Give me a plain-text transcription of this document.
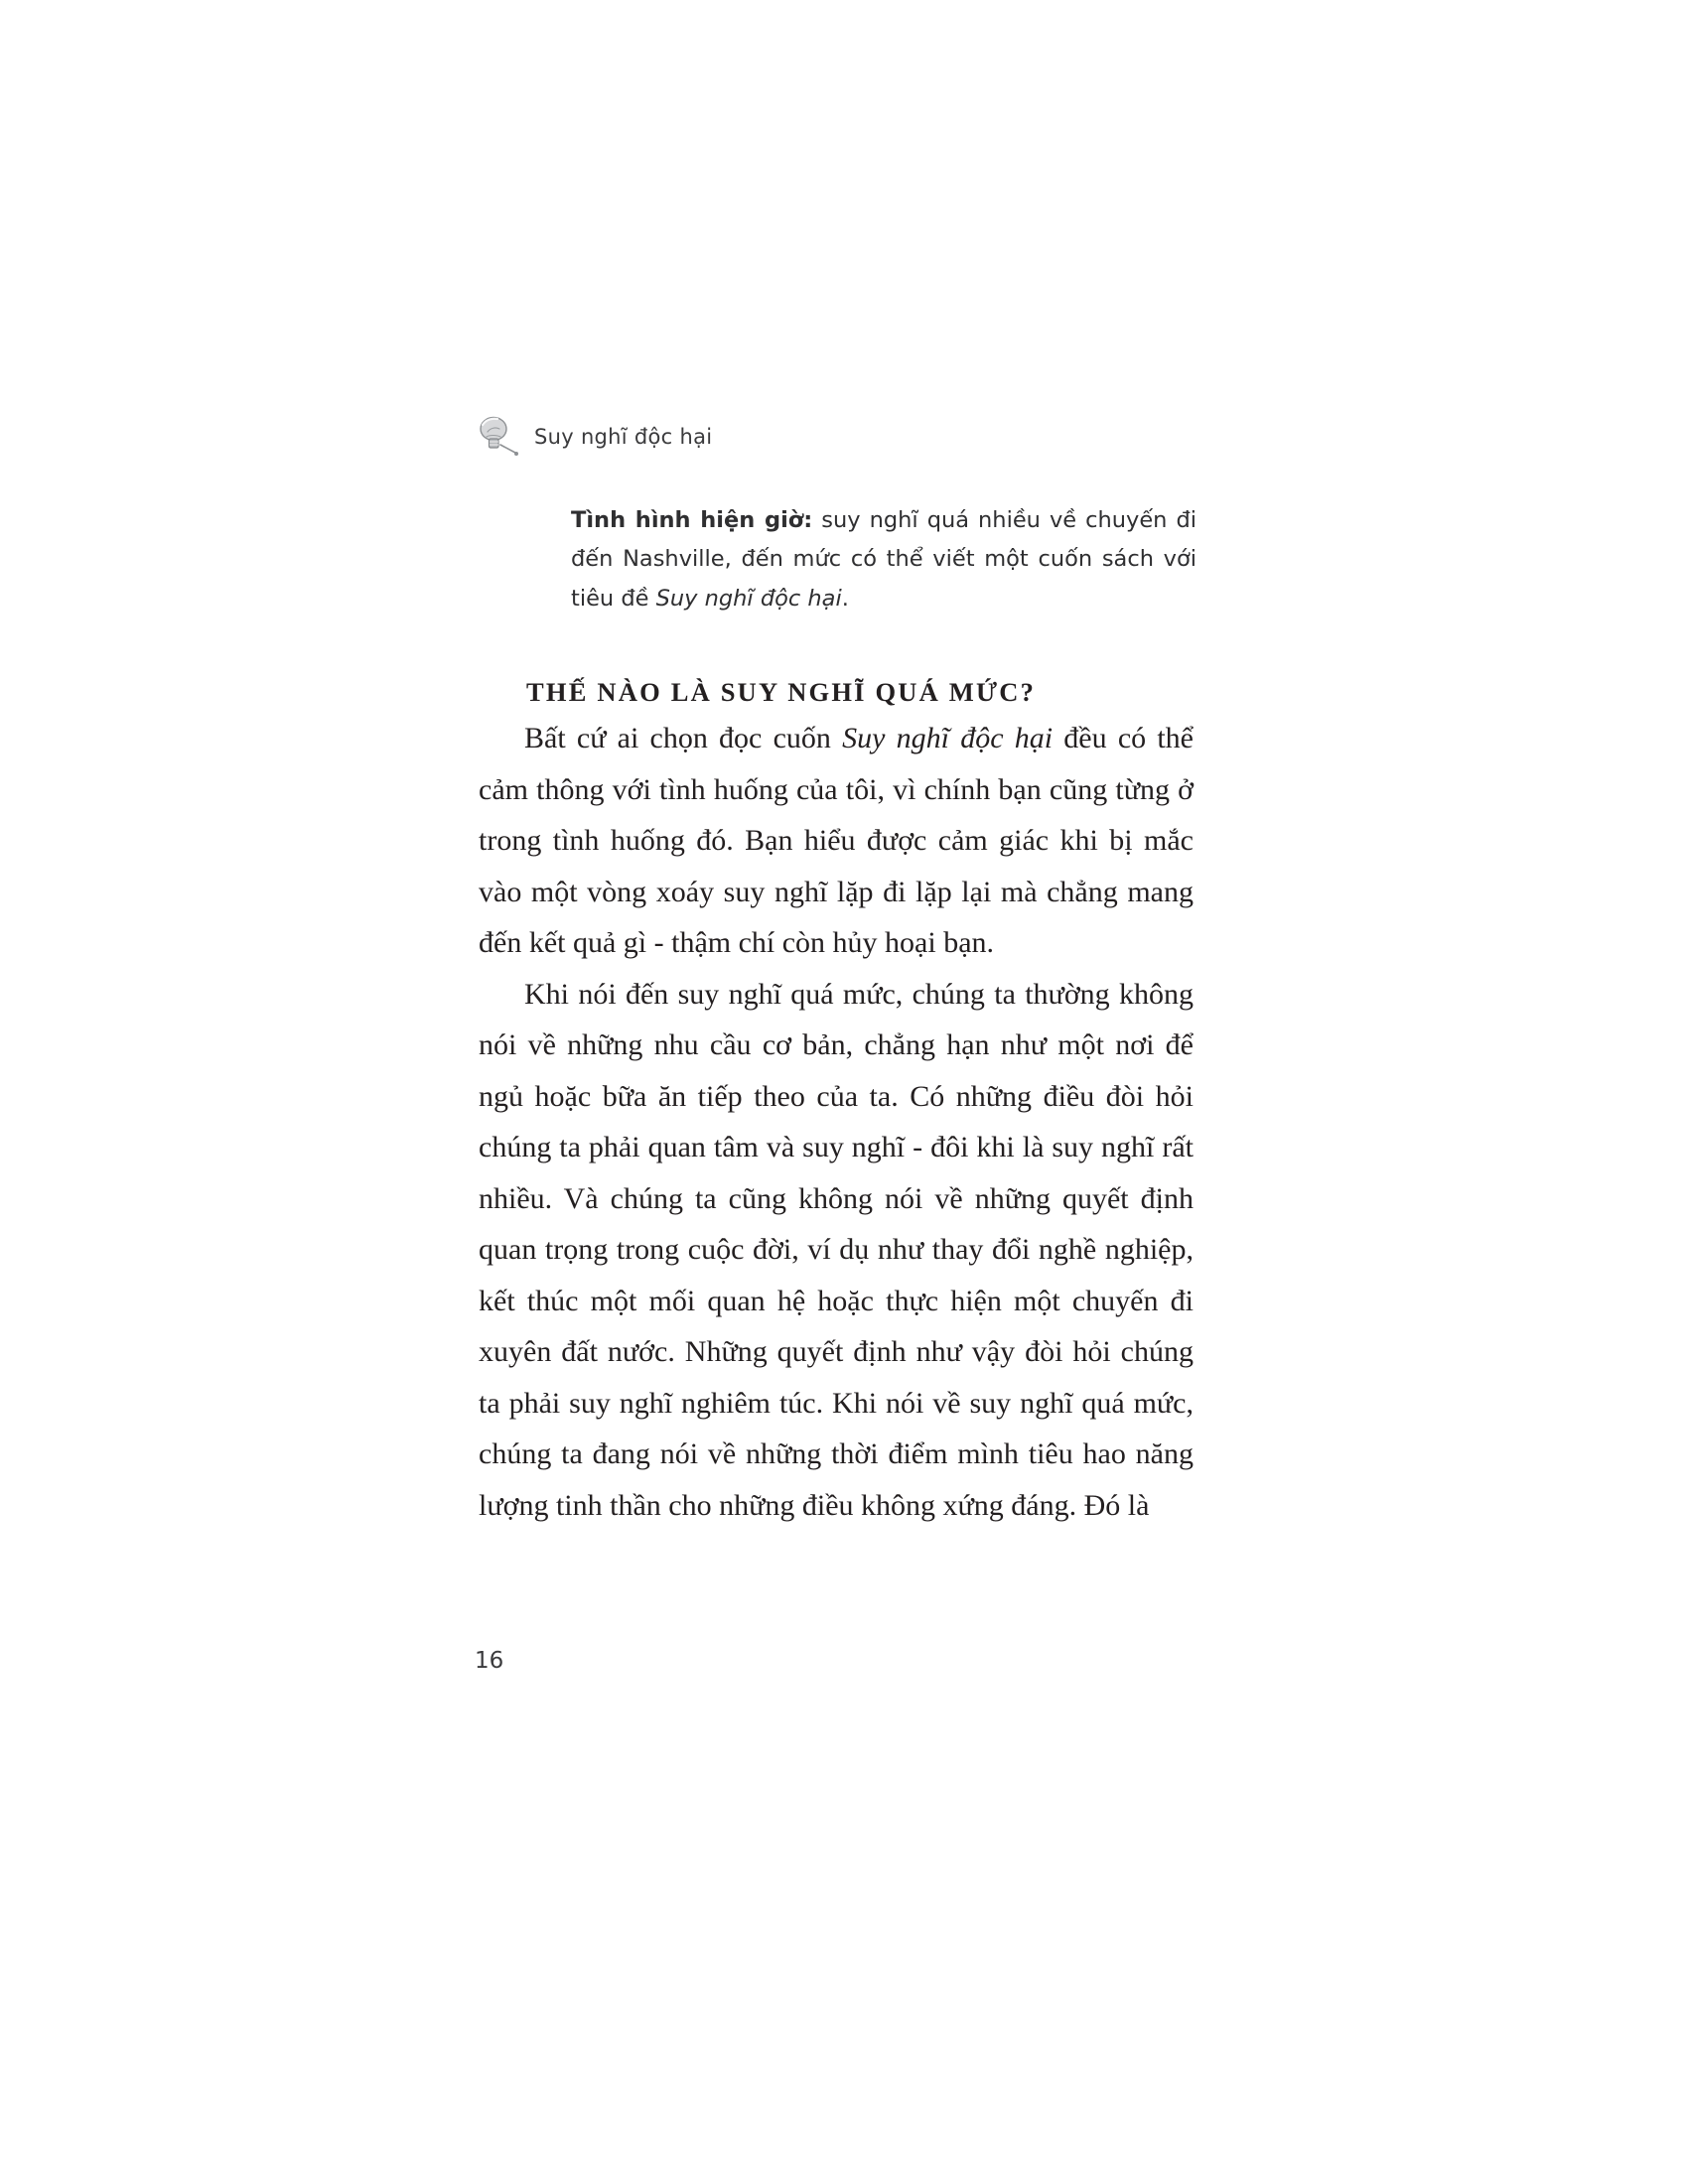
Suy nghĩ độc hại
Tình hình hiện giờ: suy nghĩ quá nhiều về chuyến đi đến Nashville, đến mức có thể viết một cuốn sách với tiêu đề Suy nghĩ độc hại.
THẾ NÀO LÀ SUY NGHĨ QUÁ MỨC?

Bất cứ ai chọn đọc cuốn Suy nghĩ độc hại đều có thể cảm thông với tình huống của tôi, vì chính bạn cũng từng ở trong tình huống đó. Bạn hiểu được cảm giác khi bị mắc vào một vòng xoáy suy nghĩ lặp đi lặp lại mà chẳng mang đến kết quả gì - thậm chí còn hủy hoại bạn.

Khi nói đến suy nghĩ quá mức, chúng ta thường không nói về những nhu cầu cơ bản, chẳng hạn như một nơi để ngủ hoặc bữa ăn tiếp theo của ta. Có những điều đòi hỏi chúng ta phải quan tâm và suy nghĩ - đôi khi là suy nghĩ rất nhiều. Và chúng ta cũng không nói về những quyết định quan trọng trong cuộc đời, ví dụ như thay đổi nghề nghiệp, kết thúc một mối quan hệ hoặc thực hiện một chuyến đi xuyên đất nước. Những quyết định như vậy đòi hỏi chúng ta phải suy nghĩ nghiêm túc. Khi nói về suy nghĩ quá mức, chúng ta đang nói về những thời điểm mình tiêu hao năng lượng tinh thần cho những điều không xứng đáng. Đó là

16
